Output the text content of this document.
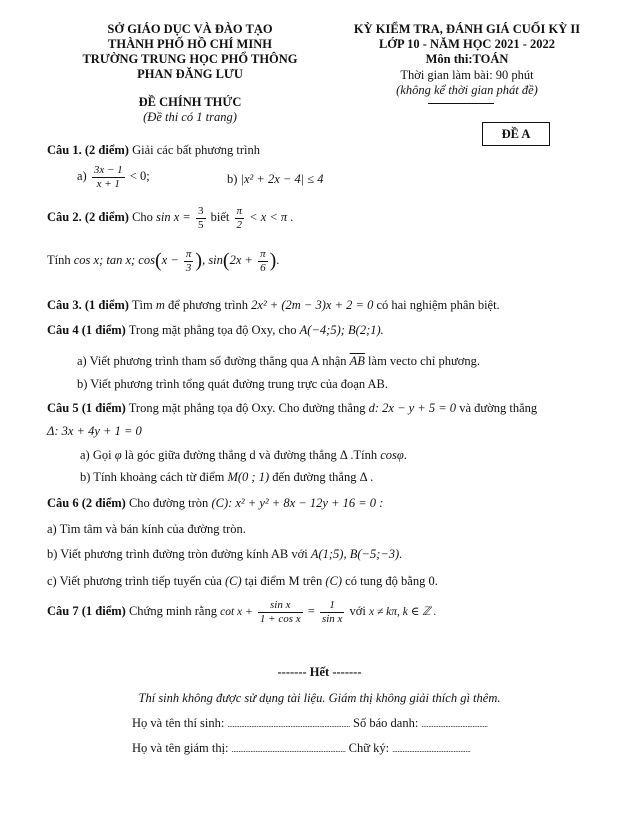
SỞ GIÁO DỤC VÀ ĐÀO TẠO
THÀNH PHỐ HỒ CHÍ MINH
TRƯỜNG TRUNG HỌC PHỔ THÔNG
PHAN ĐĂNG LƯU
ĐỀ CHÍNH THỨC
(Đề thi có 1 trang)
KỲ KIỂM TRA, ĐÁNH GIÁ CUỐI KỲ II
LỚP 10 - NĂM HỌC 2021 - 2022
Môn thi:TOÁN
Thời gian làm bài: 90 phút
(không kể thời gian phát đề)
ĐỀ A
Câu 1. (2 điểm) Giải các bất phương trình
$a) \frac{3x - 1}{x + 1} < 0$;	b) |x² + 2x − 4| ≤ 4
Câu 2. (2 điểm) Cho $\sin x = \frac{3}{5}$ biết $\frac{\pi}{2} < x < \pi$ .
Tính cos x; tan x; $\cos(x - \frac{\pi}{3}$ ), $\sin(2x + \frac{\pi}{6}$ ).
Câu 3. (1 điểm) Tìm m để phương trình 2x² + (2m − 3)x + 2 = 0 có hai nghiệm phân biệt.
Câu 4 (1 điểm) Trong mặt phẳng tọa độ Oxy, cho A(−4;5); B(2;1).
a) Viết phương trình tham số đường thẳng qua A nhận $\overline{AB}$ làm vecto chỉ phương.
b) Viết phương trình tổng quát đường trung trực của đoạn AB.
Câu 5 (1 điểm) Trong mặt phẳng tọa độ Oxy. Cho đường thẳng d: 2x − y + 5 = 0 và đường thẳng
Δ: 3x + 4y + 1 = 0
a) Gọi φ là góc giữa đường thẳng d và đường thẳng Δ .Tính cosφ.
b) Tính khoảng cách từ điểm M(0 ; 1) đến đường thẳng Δ .
Câu 6 (2 điểm) Cho đường tròn (C): x² + y² + 8x − 12y + 16 = 0 :
a) Tìm tâm và bán kính của đường tròn.
b) Viết phương trình đường tròn đường kính AB với A(1;5), B(−5;−3).
c) Viết phương trình tiếp tuyến của (C) tại điểm M trên (C) có tung độ bằng 0.
Câu 7 (1 điểm) Chứng minh rằng $\cot x + \frac{\text{sin x}}{\text{1 + cos x}} = \frac{1}{\text{sin x}}$ với x ≠ kπ, k ∈ ℤ .
------- Hết -------
Thí sinh không được sử dụng tài liệu. Giám thị không giải thích gì thêm.
Họ và tên thí sinh: ........................................................................ Số báo danh: .......................................
Họ và tên giám thị: ................................................................... Chữ ký: ..............................................
